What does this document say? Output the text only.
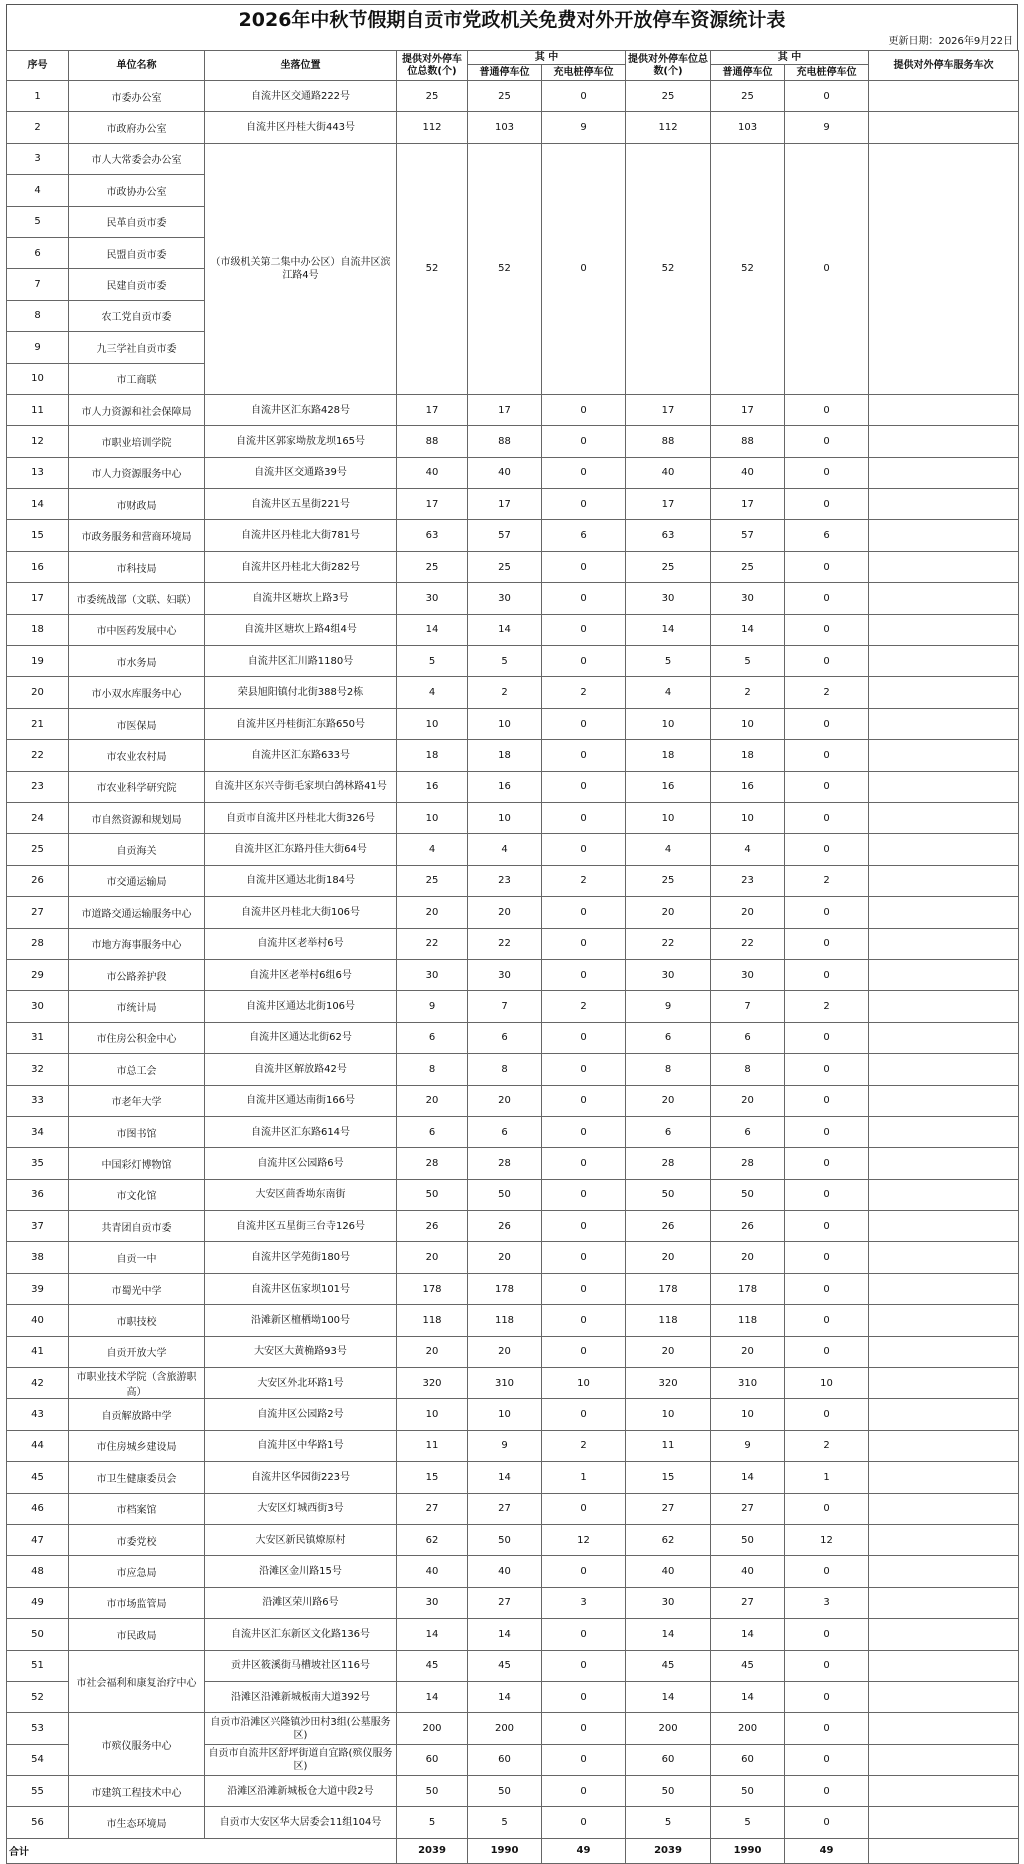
2026年中秋节假期自贡市党政机关免费对外开放停车资源统计表
更新日期：2026年9月22日
序号	单位名称	坐落位置	提供对外停车位总数(个)	其 中		提供对外停车位总数(个)	其 中		提供对外停车服务车次
				普通停车位	充电桩停车位		普通停车位	充电桩停车位	
1	市委办公室	自流井区交通路222号	25	25	0	25	25	0	
2	市政府办公室	自流井区丹桂大街443号	112	103	9	112	103	9	
3	市人大常委会办公室	（市级机关第二集中办公区）自流井区滨江路4号	52	52	0	52	52	0	
4	市政协办公室								
5	民革自贡市委								
6	民盟自贡市委								
7	民建自贡市委								
8	农工党自贡市委								
9	九三学社自贡市委								
10	市工商联								
11	市人力资源和社会保障局	自流井区汇东路428号	17	17	0	17	17	0	
12	市职业培训学院	自流井区郭家坳敖龙坝165号	88	88	0	88	88	0	
13	市人力资源服务中心	自流井区交通路39号	40	40	0	40	40	0	
14	市财政局	自流井区五星街221号	17	17	0	17	17	0	
15	市政务服务和营商环境局	自流井区丹桂北大街781号	63	57	6	63	57	6	
16	市科技局	自流井区丹桂北大街282号	25	25	0	25	25	0	
17	市委统战部（文联、妇联）	自流井区塘坎上路3号	30	30	0	30	30	0	
18	市中医药发展中心	自流井区塘坎上路4组4号	14	14	0	14	14	0	
19	市水务局	自流井区汇川路1180号	5	5	0	5	5	0	
20	市小双水库服务中心	荣县旭阳镇付北街388号2栋	4	2	2	4	2	2	
21	市医保局	自流井区丹桂街汇东路650号	10	10	0	10	10	0	
22	市农业农村局	自流井区汇东路633号	18	18	0	18	18	0	
23	市农业科学研究院	自流井区东兴寺街毛家坝白鸽林路41号	16	16	0	16	16	0	
24	市自然资源和规划局	自贡市自流井区丹桂北大街326号	10	10	0	10	10	0	
25	自贡海关	自流井区汇东路丹佳大街64号	4	4	0	4	4	0	
26	市交通运输局	自流井区通达北街184号	25	23	2	25	23	2	
27	市道路交通运输服务中心	自流井区丹桂北大街106号	20	20	0	20	20	0	
28	市地方海事服务中心	自流井区老举村6号	22	22	0	22	22	0	
29	市公路养护段	自流井区老举村6组6号	30	30	0	30	30	0	
30	市统计局	自流井区通达北街106号	9	7	2	9	7	2	
31	市住房公积金中心	自流井区通达北街62号	6	6	0	6	6	0	
32	市总工会	自流井区解放路42号	8	8	0	8	8	0	
33	市老年大学	自流井区通达南街166号	20	20	0	20	20	0	
34	市图书馆	自流井区汇东路614号	6	6	0	6	6	0	
35	中国彩灯博物馆	自流井区公园路6号	28	28	0	28	28	0	
36	市文化馆	大安区茴香坳东南街	50	50	0	50	50	0	
37	共青团自贡市委	自流井区五星街三台寺126号	26	26	0	26	26	0	
38	自贡一中	自流井区学苑街180号	20	20	0	20	20	0	
39	市蜀光中学	自流井区伍家坝101号	178	178	0	178	178	0	
40	市职技校	沿滩新区檀栖坳100号	118	118	0	118	118	0	
41	自贡开放大学	大安区大黄桷路93号	20	20	0	20	20	0	
42	市职业技术学院（含旅游职高）	大安区外北环路1号	320	310	10	320	310	10	
43	自贡解放路中学	自流井区公园路2号	10	10	0	10	10	0	
44	市住房城乡建设局	自流井区中华路1号	11	9	2	11	9	2	
45	市卫生健康委员会	自流井区华园街223号	15	14	1	15	14	1	
46	市档案馆	大安区灯城西街3号	27	27	0	27	27	0	
47	市委党校	大安区新民镇燎原村	62	50	12	62	50	12	
48	市应急局	沿滩区金川路15号	40	40	0	40	40	0	
49	市市场监管局	沿滩区荣川路6号	30	27	3	30	27	3	
50	市民政局	自流井区汇东新区文化路136号	14	14	0	14	14	0	
51	市社会福利和康复治疗中心	贡井区筱溪街马槽坡社区116号	45	45	0	45	45	0	
52		沿滩区沿滩新城板南大道392号	14	14	0	14	14	0	
53	市殡仪服务中心	自贡市沿滩区兴隆镇沙田村3组(公墓服务区)	200	200	0	200	200	0	
54		自贡市自流井区舒坪街道自宜路(殡仪服务区)	60	60	0	60	60	0	
55	市建筑工程技术中心	沿滩区沿滩新城板仓大道中段2号	50	50	0	50	50	0	
56	市生态环境局	自贡市大安区华大居委会11组104号	5	5	0	5	5	0	
合计			2039	1990	49	2039	1990	49	
